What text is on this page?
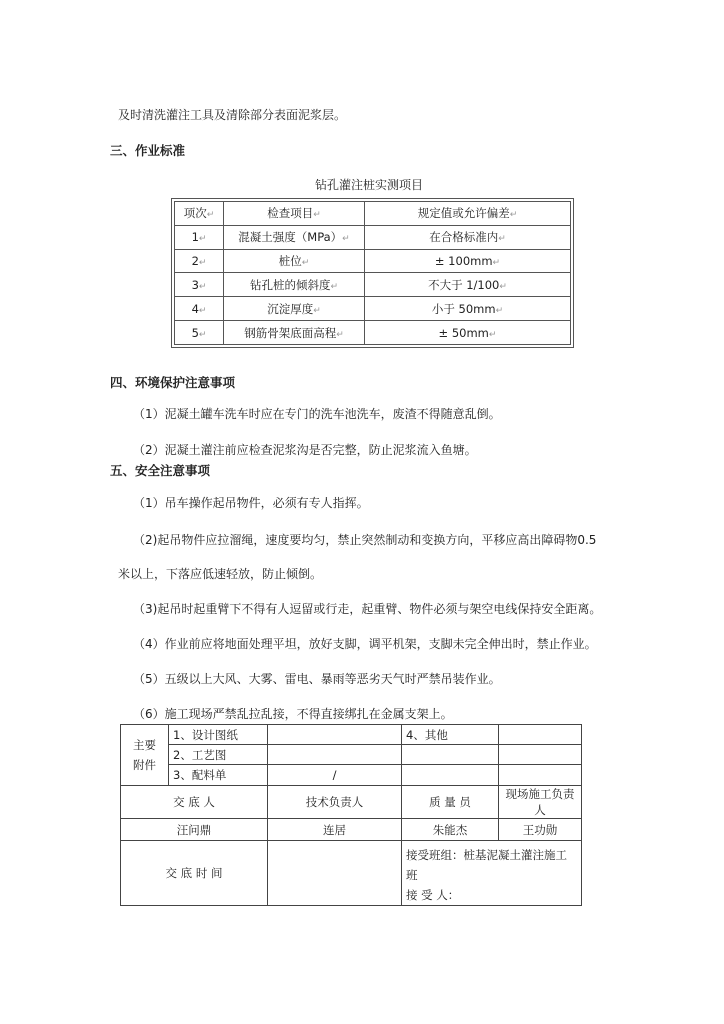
及时清洗灌注工具及清除部分表面泥浆层。
三、作业标准
钻孔灌注桩实测项目
项次↵	检查项目↵	规定值或允许偏差↵
1↵	混凝土强度（MPa）↵	在合格标准内↵
2↵	桩位↵	± 100mm↵
3↵	钻孔桩的倾斜度↵	不大于 1/100↵
4↵	沉淀厚度↵	小于 50mm↵
5↵	钢筋骨架底面高程↵	± 50mm↵
四、环境保护注意事项
（1）泥凝土罐车洗车时应在专门的洗车池洗车，废渣不得随意乱倒。
（2）泥凝土灌注前应检查泥浆沟是否完整，防止泥浆流入鱼塘。
五、安全注意事项
（1）吊车操作起吊物件，必须有专人指挥。
（2)起吊物件应拉溜绳，速度要均匀，禁止突然制动和变换方向，平移应高出障碍物0.5
米以上，下落应低速轻放，防止倾倒。
（3)起吊时起重臂下不得有人逗留或行走，起重臂、物件必须与架空电线保持安全距离。
（4）作业前应将地面处理平坦，放好支脚，调平机架，支脚未完全伸出时，禁止作业。
（5）五级以上大风、大雾、雷电、暴雨等恶劣天气时严禁吊装作业。
（6）施工现场严禁乱拉乱接，不得直接绑扎在金属支架上。
主要附件	1、设计图纸		4、其他	
	2、工艺图			
	3、配料单	/		
交 底 人		技术负责人	质 量 员	现场施工负责人
汪问鼎		连居	朱能杰	王功勋
交 底 时 间			接受班组：桩基泥凝土灌注施工班
接 受 人：	
